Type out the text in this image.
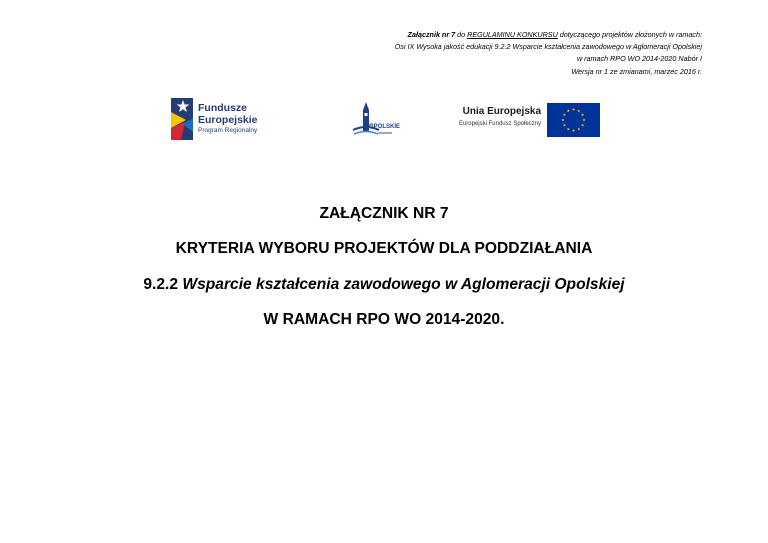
Załącznik nr 7 do REGULAMINU KONKURSU dotyczącego projektów złożonych w ramach:
Osi IX Wysoka jakość edukacji 9.2.2 Wsparcie kształcenia zawodowego w Aglomeracji Opolskiej
w ramach RPO WO 2014-2020 Nabór I
Wersja nr 1 ze zmianami, marzec 2016 r.
Fundusze
Europejskie
Program Regionalny	OPOLSKIE
Unia Europejska
Europejski Fundusz Społeczny
ZAŁĄCZNIK NR 7
KRYTERIA WYBORU PROJEKTÓW DLA PODDZIAŁANIA
9.2.2 Wsparcie kształcenia zawodowego w Aglomeracji Opolskiej
W RAMACH RPO WO 2014-2020.
